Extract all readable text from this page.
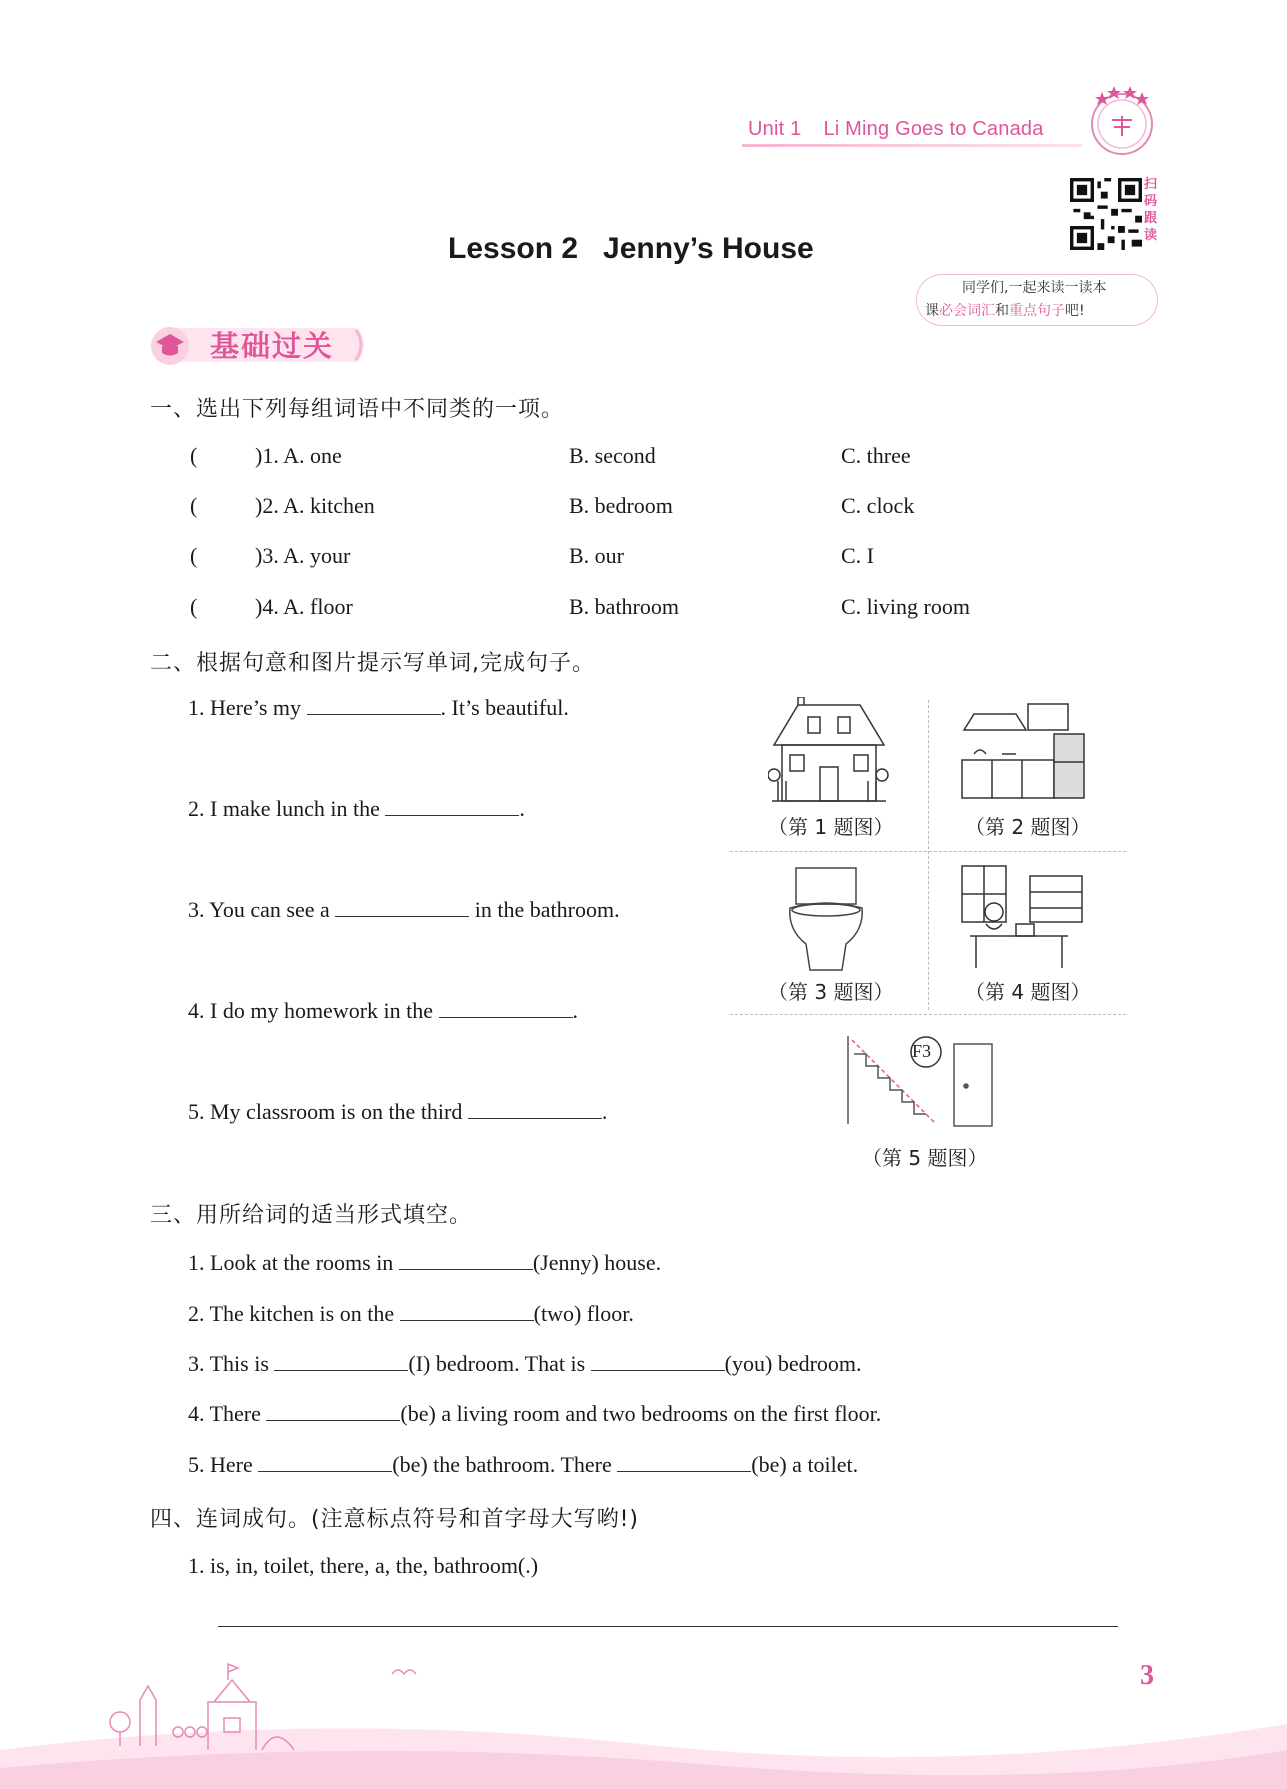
Unit 1 Li Ming Goes to Canada
扫码跟读
同学们,一起来读一读本
课必会词汇和重点句子吧!
Lesson 2   Jenny’s House
基础过关
一、选出下列每组词语中不同类的一项。
(	)1. A. one	B. second	C. three
(	)2. A. kitchen	B. bedroom	C. clock
(	)3. A. your	B. our	C. I
(	)4. A. floor	B. bathroom	C. living room
二、根据句意和图片提示写单词,完成句子。
1. Here’s my	. It’s beautiful.
2. I make lunch in the	.
3. You can see a	in the bathroom.
4. I do my homework in the	.
5. My classroom is on the third	.
（第 1 题图）	（第 2 题图）
（第 3 题图）	（第 4 题图）
F3
（第 5 题图）
三、用所给词的适当形式填空。
1. Look at the rooms in	(Jenny) house.
2. The kitchen is on the	(two) floor.
3. This is	(I) bedroom. That is	(you) bedroom.
4. There	(be) a living room and two bedrooms on the first floor.
5. Here	(be) the bathroom. There	(be) a toilet.
四、连词成句。(注意标点符号和首字母大写哟!)
1. is, in, toilet, there, a, the, bathroom(.)
3
